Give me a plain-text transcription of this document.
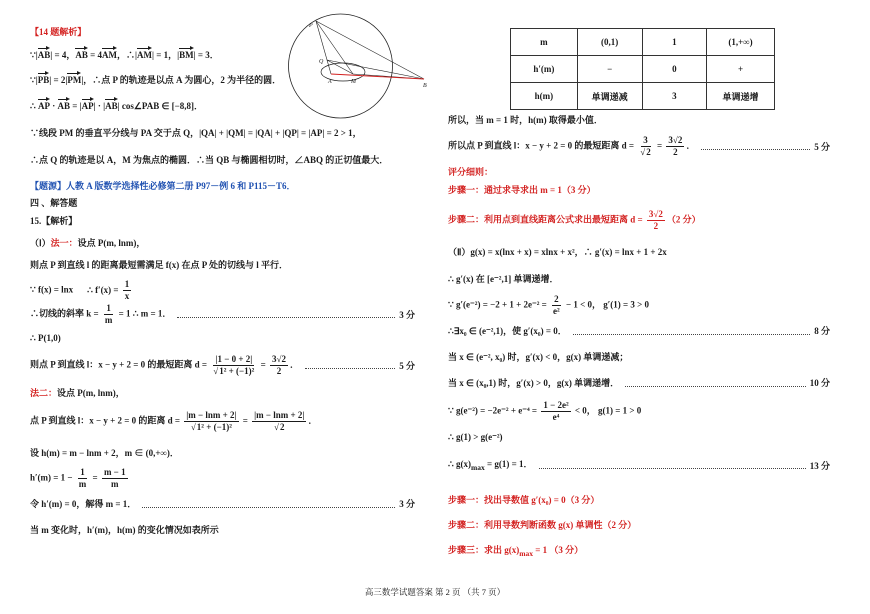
【14 题解析】
∵|AB| = 4，AB = 4AM，∴|AM| = 1，|BM| = 3．
∵|PB| = 2|PM|，∴点 P 的轨迹是以点 A 为圆心，2 为半径的圆．
∴ AP · AB = |AP| · |AB| cos∠PAB ∈ [−8,8]．
∵线段 PM 的垂直平分线与 PA 交于点 Q，|QA| + |QM| = |QA| + |QP| = |AP| = 2 > 1，
∴点 Q 的轨迹是以 A，M 为焦点的椭圆．∴当 QB 与椭圆相切时，∠ABQ 的正切值最大．
【题源】人教 A 版数学选择性必修第二册 P97－例 6 和 P115－T6．
P
Q
A	M
B
四 、解答题
15.【解析】
（Ⅰ）法一：设点 P(m, lnm)，
则点 P 到直线 l 的距离最短需满足 f(x) 在点 P 处的切线与 l 平行．
∵ f(x) = lnx ∴ $f'(x) = \frac{1}{x}$
∴切线的斜率 $k = \frac{1}{m} = 1$ ∴ m = 1．	3 分
∴ P(1,0)
则点 P 到直线 l：x − y + 2 = 0 的最短距离 $d = \frac{|1 - 0 + 2|}{\text{√1² + (−1)²}} = \frac{3√2}{2}$ ．	5 分
法二：设点 P(m, lnm)，
点 P 到直线 l：x − y + 2 = 0 的距离 $d = \frac{|m - \ln m + 2|}{\text{√1² + (−1)²}} = \frac{|m - \ln m + 2|}{√2}$ ．
设 h(m) = m − lnm + 2，m ∈ (0,+∞)．
$h'(m) = 1 - \frac{1}{m} = \frac{m - 1}{m}$
令 h′(m) = 0，解得 m = 1．	3 分
当 m 变化时，h′(m)，h(m) 的变化情况如表所示
m	(0,1)	1	(1,+∞)
h′(m)	−	0	+
h(m)	单调递减	3	单调递增
所以，当 m = 1 时，h(m) 取得最小值．
所以点 P 到直线 l：x − y + 2 = 0 的最短距离 $d = \frac{3}{√2} = \frac{3√2}{2}$ ．	5 分
评分细则：
步骤一：通过求导求出 m = 1（3 分）
步骤二：利用点到直线距离公式求出最短距离 $d = \frac{3√2}{2} (2$ 分）
（Ⅱ）g(x) = x(lnx + x) = xlnx + x²，∴ g′(x) = lnx + 1 + 2x
∴ g′(x) 在 [e⁻²,1] 单调递增．
∵ $g'(e^{-2}) = -2 + 1 + 2e^{-2} = \frac{2}{\text{e²}} - 1 < 0$， g′(1) = 3 > 0
∴∃x₀ ∈ (e⁻²,1)，使 g′(x₀) = 0．	8 分
当 x ∈ (e⁻², x₀) 时，g′(x) < 0，g(x) 单调递减；
当 x ∈ (x₀,1) 时，g′(x) > 0，g(x) 单调递增．	10 分
∵ $g(e^{-2}) = -2e^{-2} + e^{-4} = \frac{\text{1 − 2e²}}{\text{e⁴}} < 0$， g(1) = 1 > 0
∴ g(1) > g(e⁻²)
∴ $g(x)_{max} = g(1) = 1$．	13 分
步骤一：找出导数值 g′(x₀) = 0（3 分）
步骤二：利用导数判断函数 g(x) 单调性（2 分）
步骤三：求出 $g(x)_{max} = 1$ （3 分）
高三数学试题答案 第 2 页 （共 7 页）
